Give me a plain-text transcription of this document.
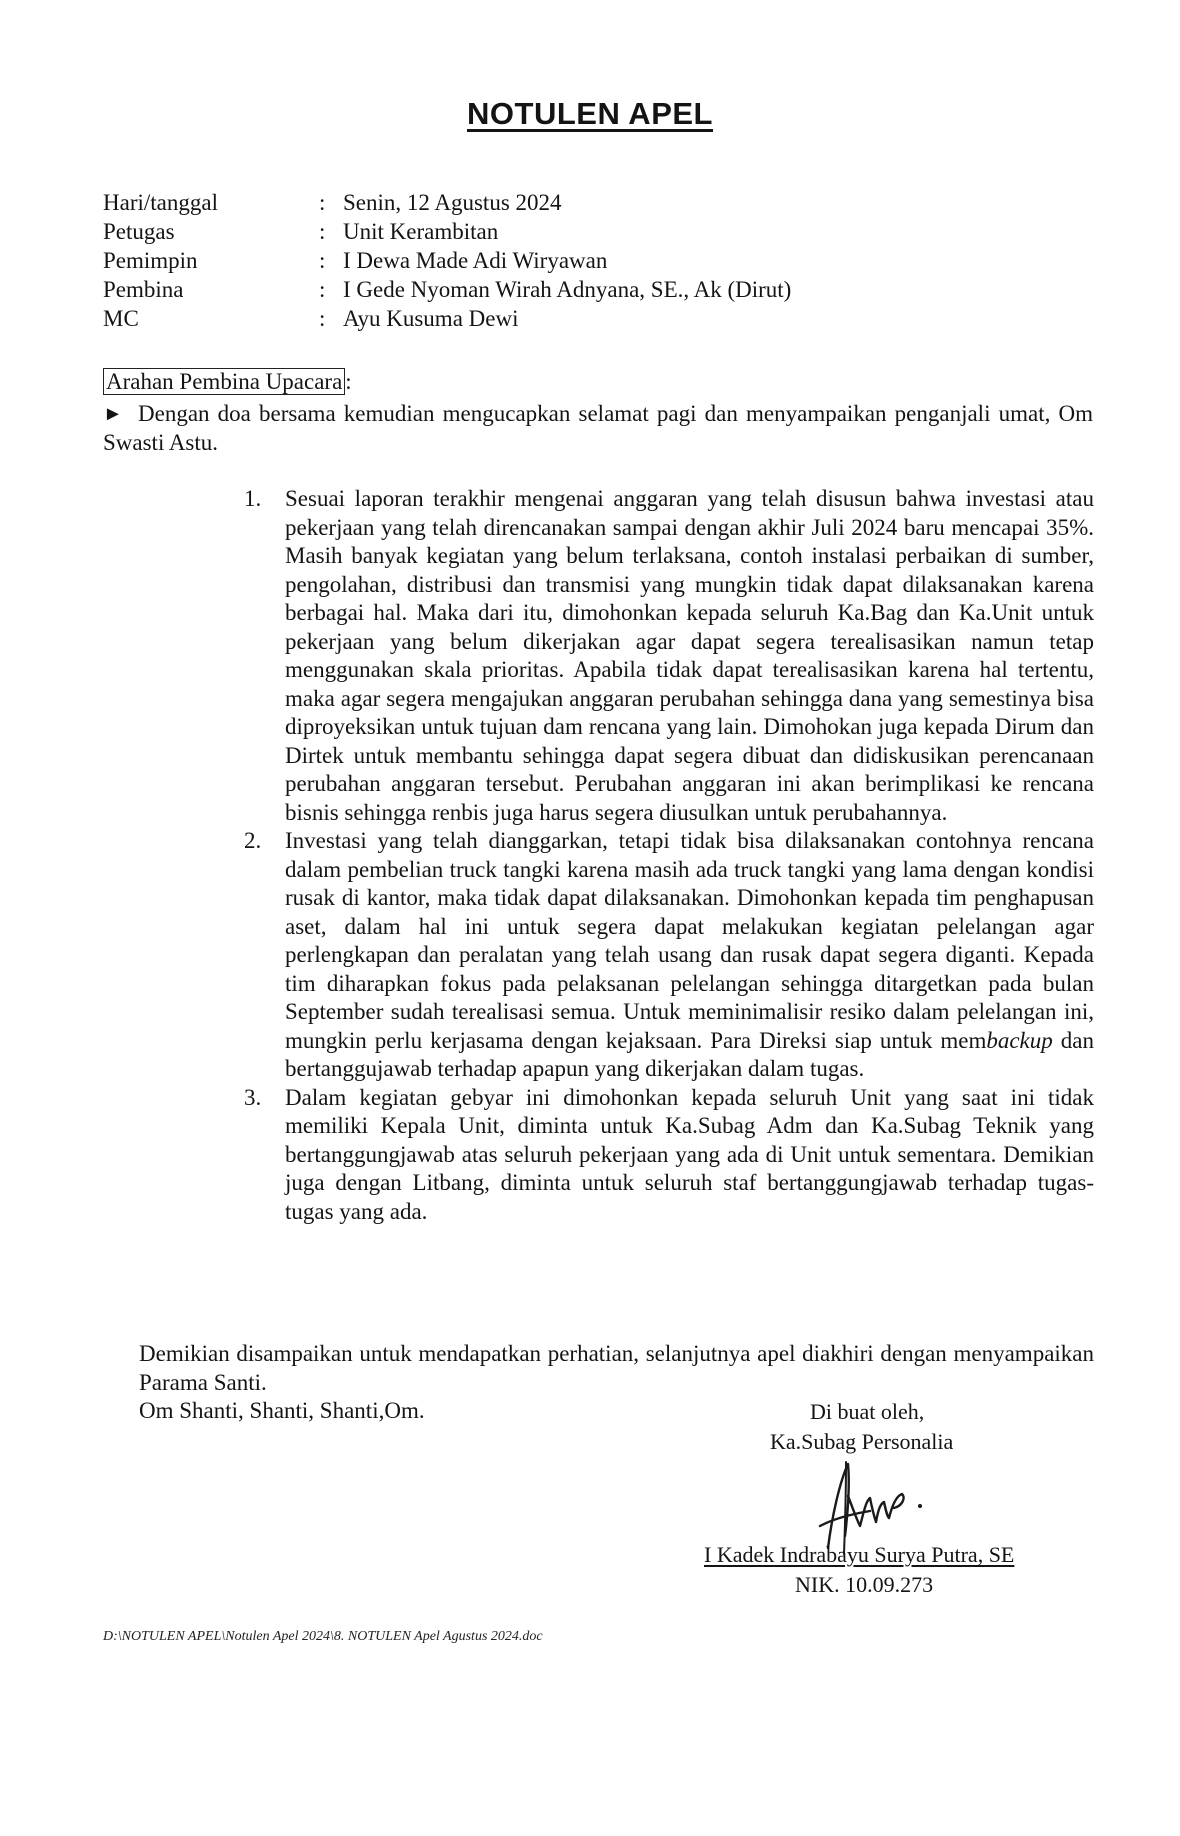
NOTULEN APEL
Hari/tanggal	: Senin, 12 Agustus 2024
Petugas	: Unit Kerambitan
Pemimpin	: I Dewa Made Adi Wiryawan
Pembina	: I Gede Nyoman Wirah Adnyana, SE., Ak (Dirut)
MC	: Ayu Kusuma Dewi
Arahan Pembina Upacara :
► Dengan doa bersama kemudian mengucapkan selamat pagi dan menyampaikan penganjali umat, Om Swasti Astu.

1. Sesuai laporan terakhir mengenai anggaran yang telah disusun bahwa investasi atau pekerjaan yang telah direncanakan sampai dengan akhir Juli 2024 baru mencapai 35%. Masih banyak kegiatan yang belum terlaksana, contoh instalasi perbaikan di sumber, pengolahan, distribusi dan transmisi yang mungkin tidak dapat dilaksanakan karena berbagai hal. Maka dari itu, dimohonkan kepada seluruh Ka.Bag dan Ka.Unit untuk pekerjaan yang belum dikerjakan agar dapat segera terealisasikan namun tetap menggunakan skala prioritas. Apabila tidak dapat terealisasikan karena hal tertentu, maka agar segera mengajukan anggaran perubahan sehingga dana yang semestinya bisa diproyeksikan untuk tujuan dam rencana yang lain. Dimohokan juga kepada Dirum dan Dirtek untuk membantu sehingga dapat segera dibuat dan didiskusikan perencanaan perubahan anggaran tersebut. Perubahan anggaran ini akan berimplikasi ke rencana bisnis sehingga renbis juga harus segera diusulkan untuk perubahannya.
2. Investasi yang telah dianggarkan, tetapi tidak bisa dilaksanakan contohnya rencana dalam pembelian truck tangki karena masih ada truck tangki yang lama dengan kondisi rusak di kantor, maka tidak dapat dilaksanakan. Dimohonkan kepada tim penghapusan aset, dalam hal ini untuk segera dapat melakukan kegiatan pelelangan agar perlengkapan dan peralatan yang telah usang dan rusak dapat segera diganti. Kepada tim diharapkan fokus pada pelaksanan pelelangan sehingga ditargetkan pada bulan September sudah terealisasi semua. Untuk meminimalisir resiko dalam pelelangan ini, mungkin perlu kerjasama dengan kejaksaan. Para Direksi siap untuk membackup dan bertanggujawab terhadap apapun yang dikerjakan dalam tugas.
3. Dalam kegiatan gebyar ini dimohonkan kepada seluruh Unit yang saat ini tidak memiliki Kepala Unit, diminta untuk Ka.Subag Adm dan Ka.Subag Teknik yang bertanggungjawab atas seluruh pekerjaan yang ada di Unit untuk sementara. Demikian juga dengan Litbang, diminta untuk seluruh staf bertanggungjawab terhadap tugas-tugas yang ada.

Demikian disampaikan untuk mendapatkan perhatian, selanjutnya apel diakhiri dengan menyampaikan Parama Santi.

Om Shanti, Shanti, Shanti,Om.	Di buat oleh,
Ka.Subag Personalia
I Kadek Indrabayu Surya Putra, SE
NIK. 10.09.273
D:\NOTULEN APEL\Notulen Apel 2024\8. NOTULEN Apel Agustus 2024.doc
